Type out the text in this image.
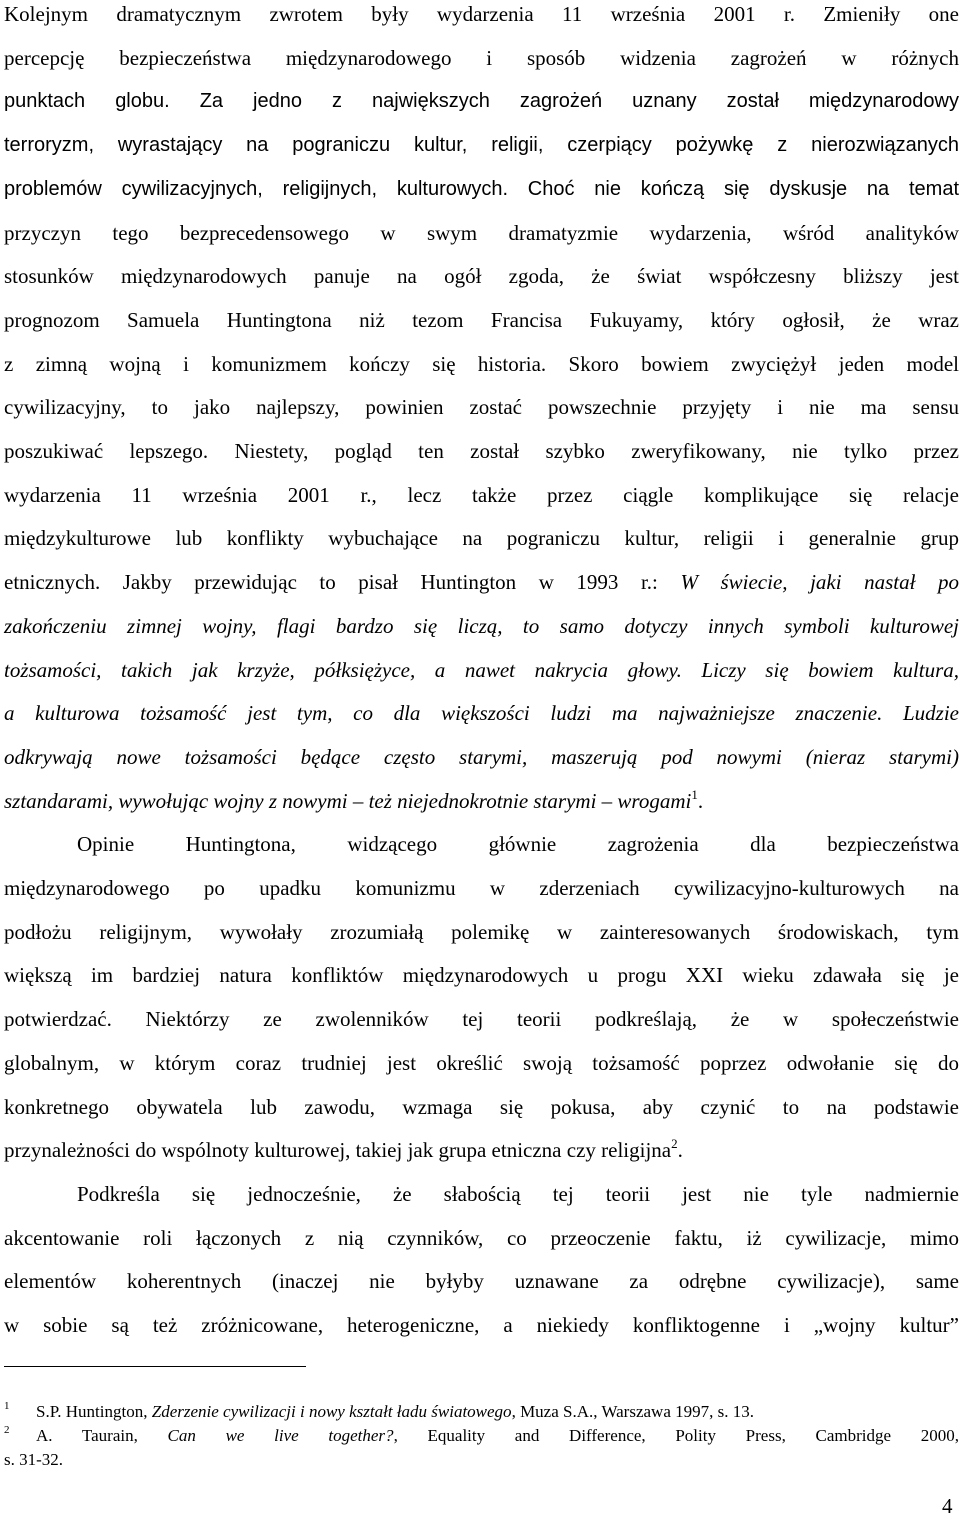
Kolejnym dramatycznym zwrotem były wydarzenia 11 września 2001 r. Zmieniły one
percepcję bezpieczeństwa międzynarodowego i sposób widzenia zagrożeń w różnych
punktach globu. Za jedno z największych zagrożeń uznany został międzynarodowy
terroryzm, wyrastający na pograniczu kultur, religii, czerpiący pożywkę z nierozwiązanych
problemów cywilizacyjnych, religijnych, kulturowych. Choć nie kończą się dyskusje na temat
przyczyn tego bezprecedensowego w swym dramatyzmie wydarzenia, wśród analityków
stosunków międzynarodowych panuje na ogół zgoda, że świat współczesny bliższy jest
prognozom Samuela Huntingtona niż tezom Francisa Fukuyamy, który ogłosił, że wraz
z zimną wojną i komunizmem kończy się historia. Skoro bowiem zwyciężył jeden model
cywilizacyjny, to jako najlepszy, powinien zostać powszechnie przyjęty i nie ma sensu
poszukiwać lepszego. Niestety, pogląd ten został szybko zweryfikowany, nie tylko przez
wydarzenia 11 września 2001 r., lecz także przez ciągle komplikujące się relacje
międzykulturowe lub konflikty wybuchające na pograniczu kultur, religii i generalnie grup
etnicznych. Jakby przewidując to pisał Huntington w 1993 r.: W świecie, jaki nastał po
zakończeniu zimnej wojny, flagi bardzo się liczą, to samo dotyczy innych symboli kulturowej
tożsamości, takich jak krzyże, półksiężyce, a nawet nakrycia głowy. Liczy się bowiem kultura,
a kulturowa tożsamość jest tym, co dla większości ludzi ma najważniejsze znaczenie. Ludzie
odkrywają nowe tożsamości będące często starymi, maszerują pod nowymi (nieraz starymi)
sztandarami, wywołując wojny z nowymi – też niejednokrotnie starymi – wrogami$^1$.
Opinie Huntingtona, widzącego głównie zagrożenia dla bezpieczeństwa
międzynarodowego po upadku komunizmu w zderzeniach cywilizacyjno-kulturowych na
podłożu religijnym, wywołały zrozumiałą polemikę w zainteresowanych środowiskach, tym
większą im bardziej natura konfliktów międzynarodowych u progu XXI wieku zdawała się je
potwierdzać. Niektórzy ze zwolenników tej teorii podkreślają, że w społeczeństwie
globalnym, w którym coraz trudniej jest określić swoją tożsamość poprzez odwołanie się do
konkretnego obywatela lub zawodu, wzmaga się pokusa, aby czynić to na podstawie
przynależności do wspólnoty kulturowej, takiej jak grupa etniczna czy religijna$^2$.
Podkreśla się jednocześnie, że słabością tej teorii jest nie tyle nadmiernie
akcentowanie roli łączonych z nią czynników, co przeoczenie faktu, iż cywilizacje, mimo
elementów koherentnych (inaczej nie byłyby uznawane za odrębne cywilizacje), same
w sobie są też zróżnicowane, heterogeniczne, a niekiedy konfliktogenne i „wojny kultur”
$^1$ S.P. Huntington, Zderzenie cywilizacji i nowy kształt ładu światowego, Muza S.A., Warszawa 1997, s. 13.
$^2$ A. Taurain, Can we live together?, Equality and Difference, Polity Press, Cambridge 2000,
s. 31-32.
4
